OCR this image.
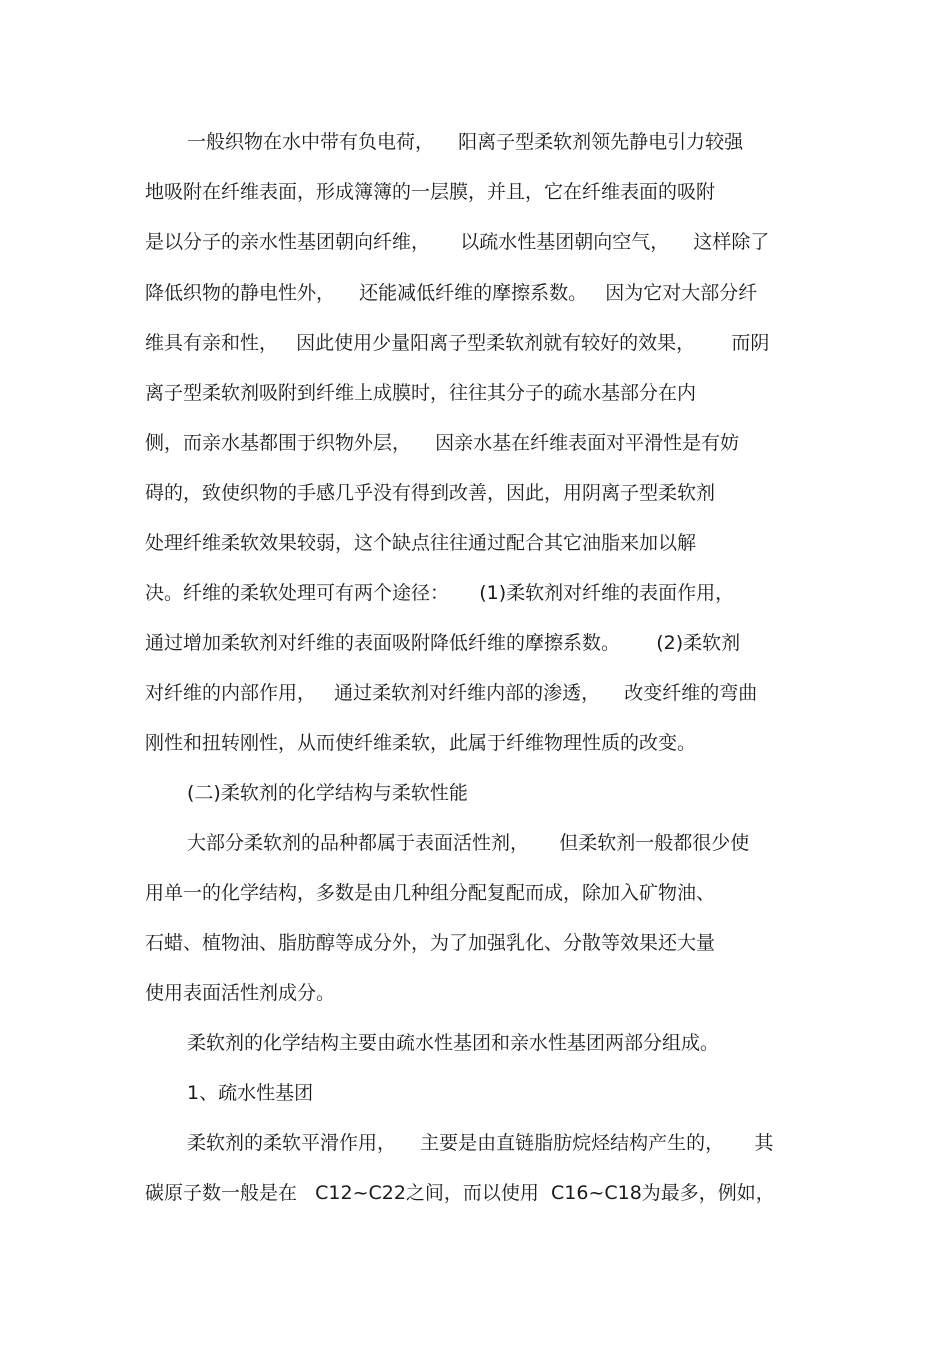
一般织物在水中带有负电荷，    阳离子型柔软剂领先静电引力较强
地吸附在纤维表面，形成簿簿的一层膜，并且，它在纤维表面的吸附
是以分子的亲水性基团朝向纤维，     以疏水性基团朝向空气，    这样除了
降低织物的静电性外，    还能减低纤维的摩擦系数。   因为它对大部分纤
维具有亲和性，   因此使用少量阳离子型柔软剂就有较好的效果，      而阴
离子型柔软剂吸附到纤维上成膜时，往往其分子的疏水基部分在内
侧，而亲水基都围于织物外层，    因亲水基在纤维表面对平滑性是有妨
碍的，致使织物的手感几乎没有得到改善，因此，用阴离子型柔软剂
处理纤维柔软效果较弱，这个缺点往往通过配合其它油脂来加以解
决。纤维的柔软处理可有两个途径：     (1)柔软剂对纤维的表面作用，
通过增加柔软剂对纤维的表面吸附降低纤维的摩擦系数。      (2)柔软剂
对纤维的内部作用，   通过柔软剂对纤维内部的渗透，    改变纤维的弯曲
刚性和扭转刚性，从而使纤维柔软，此属于纤维物理性质的改变。
(二)柔软剂的化学结构与柔软性能
大部分柔软剂的品种都属于表面活性剂，     但柔软剂一般都很少使
用单一的化学结构，多数是由几种组分配复配而成，除加入矿物油、
石蜡、植物油、脂肪醇等成分外，为了加强乳化、分散等效果还大量
使用表面活性剂成分。
柔软剂的化学结构主要由疏水性基团和亲水性基团两部分组成。
1、疏水性基团
柔软剂的柔软平滑作用，    主要是由直链脂肪烷烃结构产生的，     其
碳原子数一般是在   C12~C22之间，而以使用  C16~C18为最多，例如，
